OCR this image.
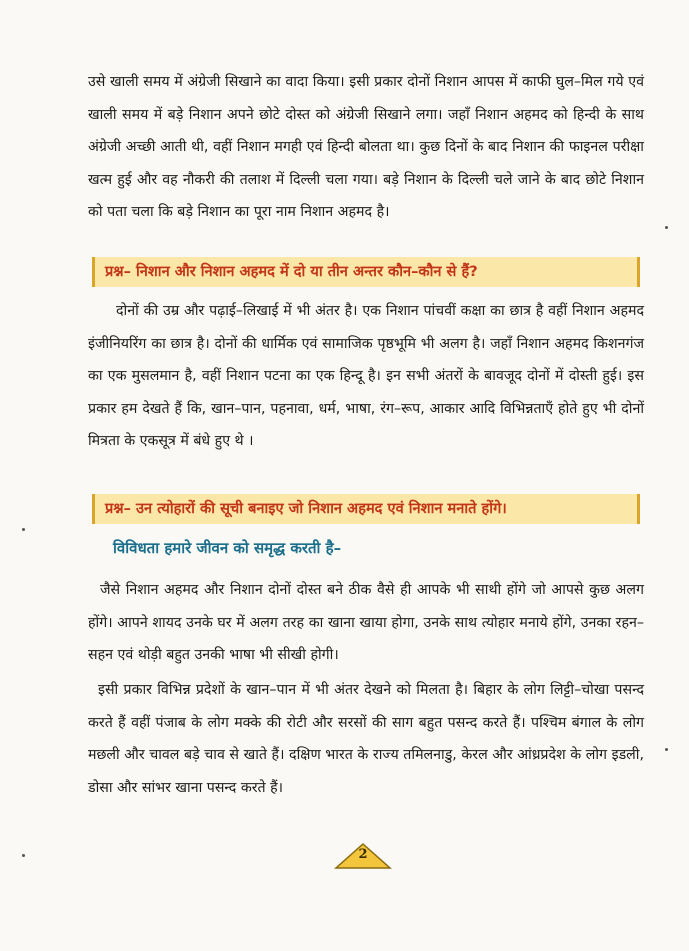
उसे खाली समय में अंग्रेजी सिखाने का वादा किया। इसी प्रकार दोनों निशान आपस में काफी घुल–मिल गये एवं खाली समय में बड़े निशान अपने छोटे दोस्त को अंग्रेजी सिखाने लगा। जहाँ निशान अहमद को हिन्दी के साथ अंग्रेजी अच्छी आती थी, वहीं निशान मगही एवं हिन्दी बोलता था। कुछ दिनों के बाद निशान की फाइनल परीक्षा खत्म हुई और वह नौकरी की तलाश में दिल्ली चला गया। बड़े निशान के दिल्ली चले जाने के बाद छोटे निशान को पता चला कि बड़े निशान का पूरा नाम निशान अहमद है।

प्रश्न– निशान और निशान अहमद में दो या तीन अन्तर कौन–कौन से हैं?

दोनों की उम्र और पढ़ाई–लिखाई में भी अंतर है। एक निशान पांचवीं कक्षा का छात्र है वहीं निशान अहमद इंजीनियरिंग का छात्र है। दोनों की धार्मिक एवं सामाजिक पृष्ठभूमि भी अलग है। जहाँ निशान अहमद किशनगंज का एक मुसलमान है, वहीं निशान पटना का एक हिन्दू है। इन सभी अंतरों के बावजूद दोनों में दोस्ती हुई। इस प्रकार हम देखते हैं कि, खान–पान, पहनावा, धर्म, भाषा, रंग–रूप, आकार आदि विभिन्नताएँ होते हुए भी दोनों मित्रता के एकसूत्र में बंधे हुए थे ।

प्रश्न– उन त्योहारों की सूची बनाइए जो निशान अहमद एवं निशान मनाते होंगे।
विविधता हमारे जीवन को समृद्ध करती है–

जैसे निशान अहमद और निशान दोनों दोस्त बने ठीक वैसे ही आपके भी साथी होंगे जो आपसे कुछ अलग होंगे। आपने शायद उनके घर में अलग तरह का खाना खाया होगा, उनके साथ त्योहार मनाये होंगे, उनका रहन–सहन एवं थोड़ी बहुत उनकी भाषा भी सीखी होगी।

इसी प्रकार विभिन्न प्रदेशों के खान–पान में भी अंतर देखने को मिलता है। बिहार के लोग लिट्टी–चोखा पसन्द करते हैं वहीं पंजाब के लोग मक्के की रोटी और सरसों की साग बहुत पसन्द करते हैं। पश्चिम बंगाल के लोग मछली और चावल बड़े चाव से खाते हैं। दक्षिण भारत के राज्य तमिलनाडु, केरल और आंध्रप्रदेश के लोग इडली, डोसा और सांभर खाना पसन्द करते हैं।

2
